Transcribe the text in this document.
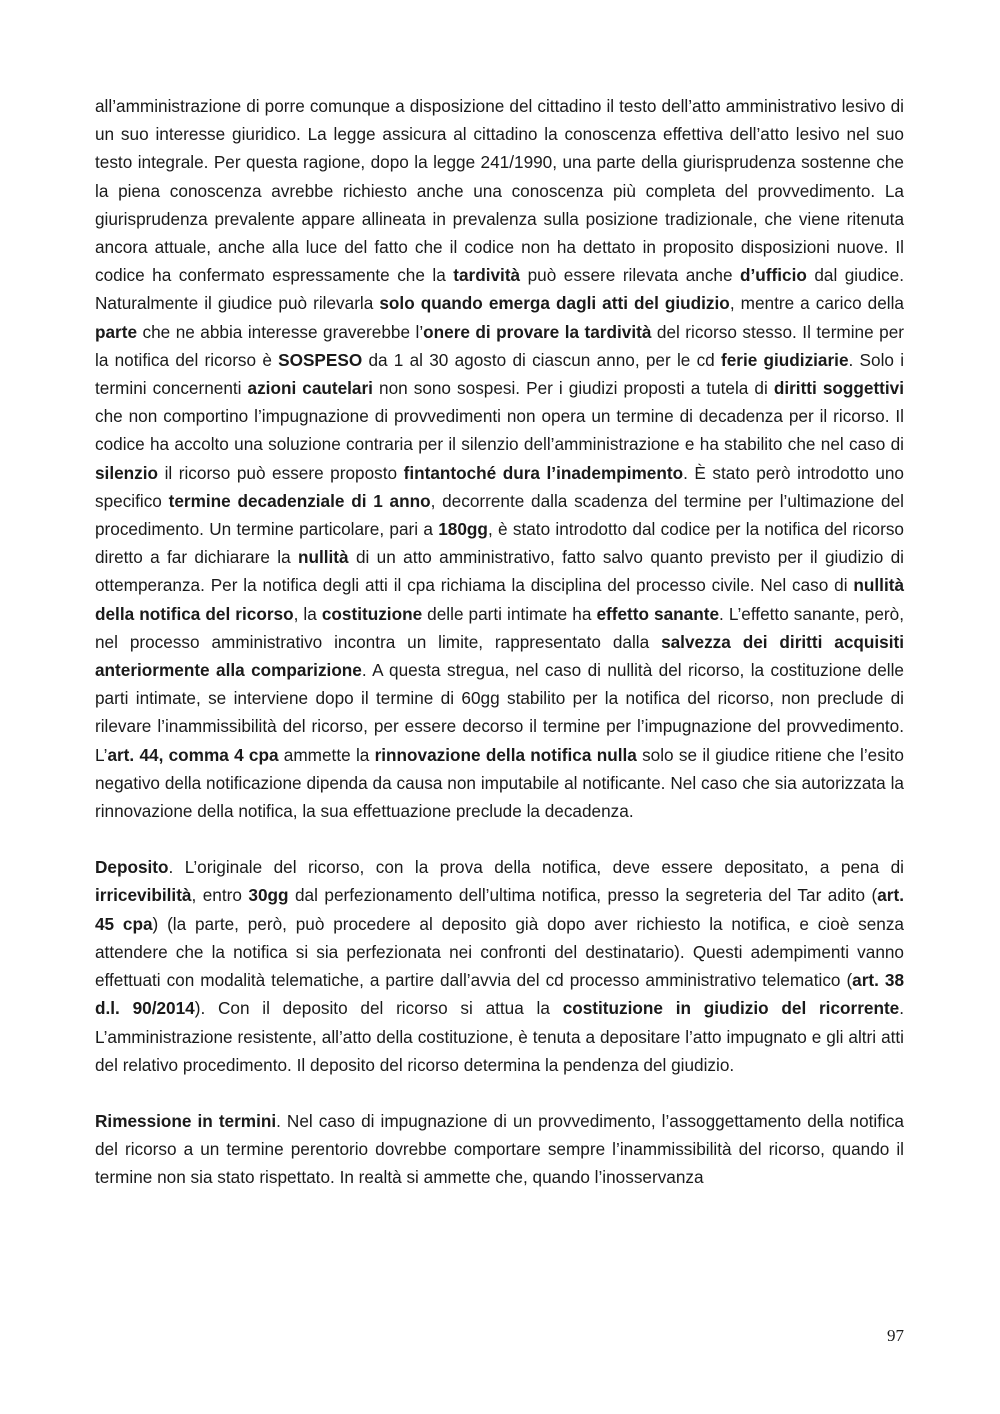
all’amministrazione di porre comunque a disposizione del cittadino il testo dell’atto amministrativo lesivo di un suo interesse giuridico. La legge assicura al cittadino la conoscenza effettiva dell’atto lesivo nel suo testo integrale. Per questa ragione, dopo la legge 241/1990, una parte della giurisprudenza sostenne che la piena conoscenza avrebbe richiesto anche una conoscenza più completa del provvedimento. La giurisprudenza prevalente appare allineata in prevalenza sulla posizione tradizionale, che viene ritenuta ancora attuale, anche alla luce del fatto che il codice non ha dettato in proposito disposizioni nuove. Il codice ha confermato espressamente che la tardività può essere rilevata anche d’ufficio dal giudice. Naturalmente il giudice può rilevarla solo quando emerga dagli atti del giudizio, mentre a carico della parte che ne abbia interesse graverebbe l’onere di provare la tardività del ricorso stesso. Il termine per la notifica del ricorso è SOSPESO da 1 al 30 agosto di ciascun anno, per le cd ferie giudiziarie. Solo i termini concernenti azioni cautelari non sono sospesi. Per i giudizi proposti a tutela di diritti soggettivi che non comportino l’impugnazione di provvedimenti non opera un termine di decadenza per il ricorso. Il codice ha accolto una soluzione contraria per il silenzio dell’amministrazione e ha stabilito che nel caso di silenzio il ricorso può essere proposto fintantoché dura l’inadempimento. È stato però introdotto uno specifico termine decadenziale di 1 anno, decorrente dalla scadenza del termine per l’ultimazione del procedimento. Un termine particolare, pari a 180gg, è stato introdotto dal codice per la notifica del ricorso diretto a far dichiarare la nullità di un atto amministrativo, fatto salvo quanto previsto per il giudizio di ottemperanza. Per la notifica degli atti il cpa richiama la disciplina del processo civile. Nel caso di nullità della notifica del ricorso, la costituzione delle parti intimate ha effetto sanante. L’effetto sanante, però, nel processo amministrativo incontra un limite, rappresentato dalla salvezza dei diritti acquisiti anteriormente alla comparizione. A questa stregua, nel caso di nullità del ricorso, la costituzione delle parti intimate, se interviene dopo il termine di 60gg stabilito per la notifica del ricorso, non preclude di rilevare l’inammissibilità del ricorso, per essere decorso il termine per l’impugnazione del provvedimento. L’art. 44, comma 4 cpa ammette la rinnovazione della notifica nulla solo se il giudice ritiene che l’esito negativo della notificazione dipenda da causa non imputabile al notificante. Nel caso che sia autorizzata la rinnovazione della notifica, la sua effettuazione preclude la decadenza.

Deposito. L’originale del ricorso, con la prova della notifica, deve essere depositato, a pena di irricevibilità, entro 30gg dal perfezionamento dell’ultima notifica, presso la segreteria del Tar adito (art. 45 cpa) (la parte, però, può procedere al deposito già dopo aver richiesto la notifica, e cioè senza attendere che la notifica si sia perfezionata nei confronti del destinatario). Questi adempimenti vanno effettuati con modalità telematiche, a partire dall’avvia del cd processo amministrativo telematico (art. 38 d.l. 90/2014). Con il deposito del ricorso si attua la costituzione in giudizio del ricorrente. L’amministrazione resistente, all’atto della costituzione, è tenuta a depositare l’atto impugnato e gli altri atti del relativo procedimento. Il deposito del ricorso determina la pendenza del giudizio.

Rimessione in termini. Nel caso di impugnazione di un provvedimento, l’assoggettamento della notifica del ricorso a un termine perentorio dovrebbe comportare sempre l’inammissibilità del ricorso, quando il termine non sia stato rispettato. In realtà si ammette che, quando l’inosservanza

97
